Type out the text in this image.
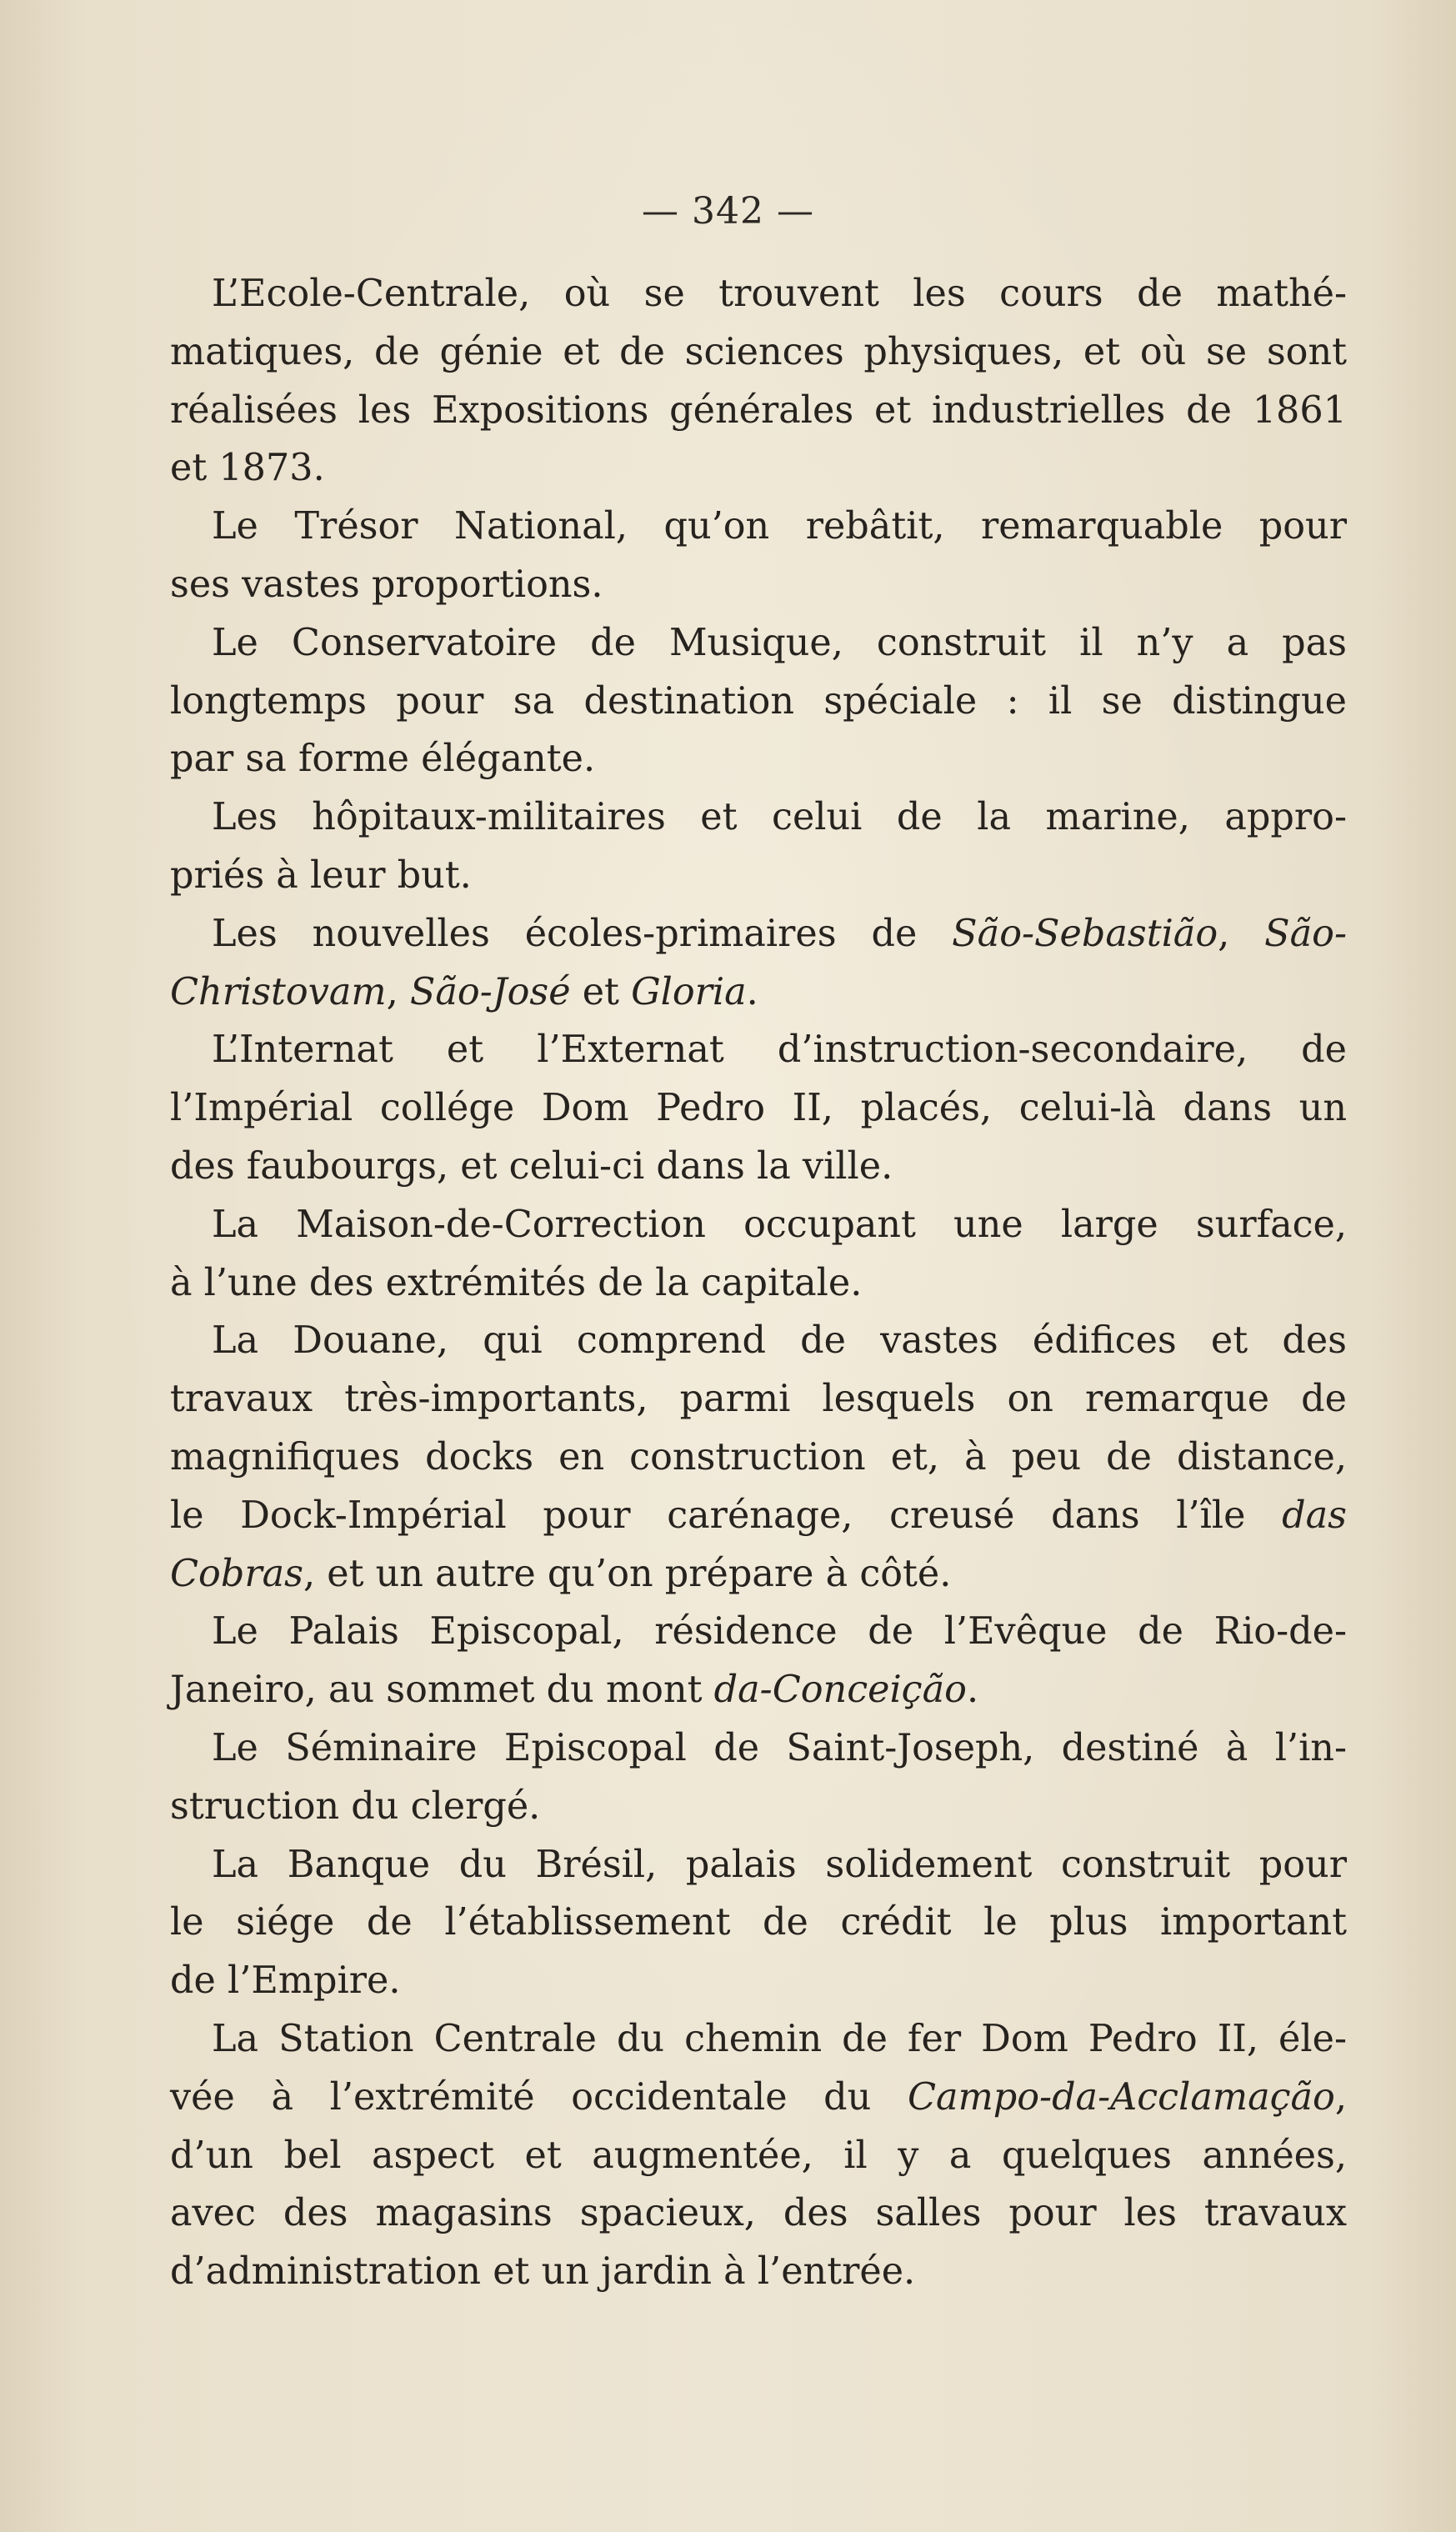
— 342 —
L’Ecole-Centrale, où se trouvent les cours de mathé-
matiques, de génie et de sciences physiques, et où se sont
réalisées les Expositions générales et industrielles de 1861
et 1873.
Le Trésor National, qu’on rebâtit, remarquable pour
ses vastes proportions.
Le Conservatoire de Musique, construit il n’y a pas
longtemps pour sa destination spéciale : il se distingue
par sa forme élégante.
Les hôpitaux-militaires et celui de la marine, appro-
priés à leur but.
Les nouvelles écoles-primaires de São-Sebastião, São-
Christovam, São-José et Gloria.
L’Internat et l’Externat d’instruction-secondaire, de
l’Impérial collége Dom Pedro II, placés, celui-là dans un
des faubourgs, et celui-ci dans la ville.
La Maison-de-Correction occupant une large surface,
à l’une des extrémités de la capitale.
La Douane, qui comprend de vastes édifices et des
travaux très-importants, parmi lesquels on remarque de
magnifiques docks en construction et, à peu de distance,
le Dock-Impérial pour carénage, creusé dans l’île das
Cobras, et un autre qu’on prépare à côté.
Le Palais Episcopal, résidence de l’Evêque de Rio-de-
Janeiro, au sommet du mont da-Conceição.
Le Séminaire Episcopal de Saint-Joseph, destiné à l’in-
struction du clergé.
La Banque du Brésil, palais solidement construit pour
le siége de l’établissement de crédit le plus important
de l’Empire.
La Station Centrale du chemin de fer Dom Pedro II, éle-
vée à l’extrémité occidentale du Campo-da-Acclamação,
d’un bel aspect et augmentée, il y a quelques années,
avec des magasins spacieux, des salles pour les travaux
d’administration et un jardin à l’entrée.
